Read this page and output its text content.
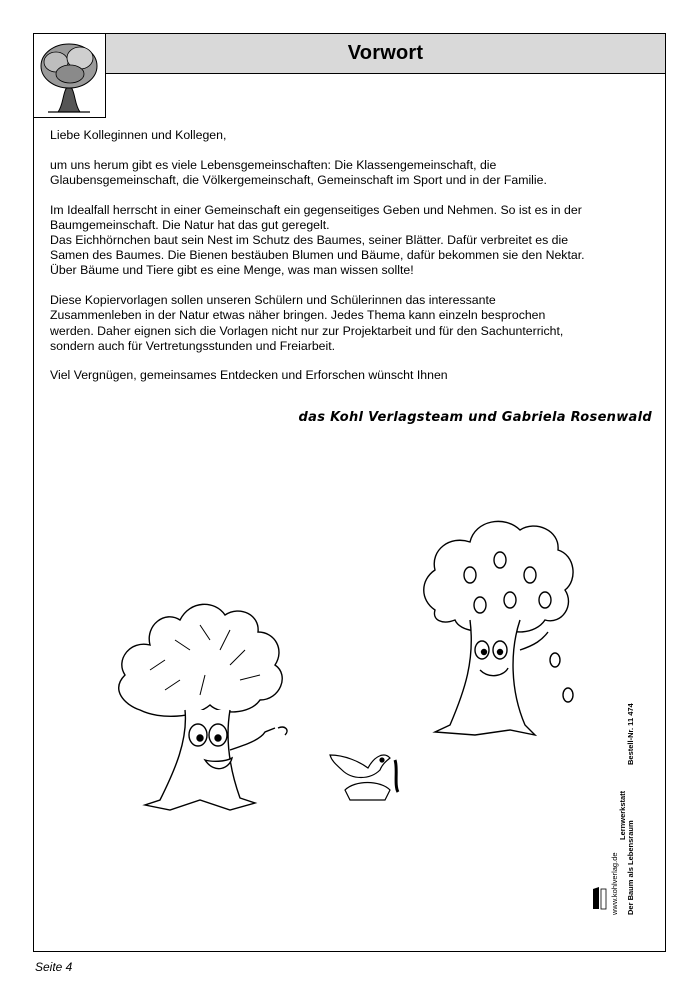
Vorwort

Liebe Kolleginnen und Kollegen,

um uns herum gibt es viele Lebensgemeinschaften: Die Klassengemeinschaft, die Glaubensgemeinschaft, die Völkergemeinschaft, Gemeinschaft im Sport und in der Familie.

Im Idealfall herrscht in einer Gemeinschaft ein gegenseitiges Geben und Nehmen. So ist es in der Baumgemeinschaft. Die Natur hat das gut geregelt.
Das Eichhörnchen baut sein Nest im Schutz des Baumes, seiner Blätter. Dafür verbreitet es die Samen des Baumes. Die Bienen bestäuben Blumen und Bäume, dafür bekommen sie den Nektar. Über Bäume und Tiere gibt es eine Menge, was man wissen sollte!

Diese Kopiervorlagen sollen unseren Schülern und Schülerinnen das interessante Zusammenleben in der Natur etwas näher bringen. Jedes Thema kann einzeln besprochen werden. Daher eignen sich die Vorlagen nicht nur zur Projektarbeit und für den Sachunterricht, sondern auch für Vertretungsstunden und Freiarbeit.

Viel Vergnügen, gemeinsames Entdecken und Erforschen wünscht Ihnen

das Kohl Verlagsteam und Gabriela Rosenwald
Lernwerkstatt
Der Baum als Lebensraum
Bestell-Nr. 11 474
www.kohlverlag.de
Seite 4
